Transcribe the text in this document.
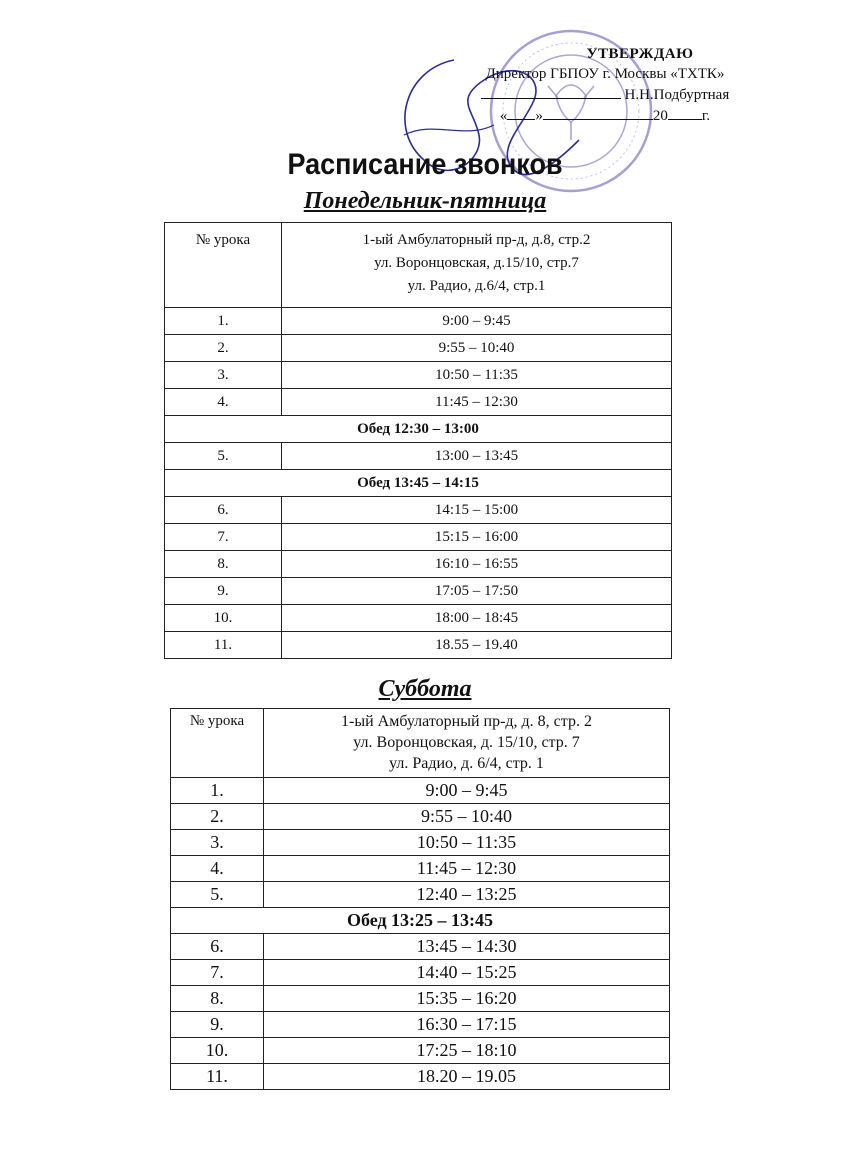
УТВЕРЖДАЮ
Директор ГБПОУ г. Москвы «ТХТК»
Н.Н.Подбуртная
« »	20 г.
Расписание звонков
Понедельник-пятница
№ урока	1-ый Амбулаторный пр-д, д.8, стр.2
ул. Воронцовская, д.15/10, стр.7
ул. Радио, д.6/4, стр.1

1.	9:00 – 9:45
2.	9:55 – 10:40
3.	10:50 – 11:35
4.	11:45 – 12:30
Обед 12:30 – 13:00	
5.	13:00 – 13:45
Обед 13:45 – 14:15	
6.	14:15 – 15:00
7.	15:15 – 16:00
8.	16:10 – 16:55
9.	17:05 – 17:50
10.	18:00 – 18:45
11.	18.55 – 19.40
Суббота
№ урока	1-ый Амбулаторный пр-д, д. 8, стр. 2
ул. Воронцовская, д. 15/10, стр. 7
ул. Радио, д. 6/4, стр. 1

1.	9:00 – 9:45
2.	9:55 – 10:40
3.	10:50 – 11:35
4.	11:45 – 12:30
5.	12:40 – 13:25
Обед 13:25 – 13:45	
6.	13:45 – 14:30
7.	14:40 – 15:25
8.	15:35 – 16:20
9.	16:30 – 17:15
10.	17:25 – 18:10
11.	18.20 – 19.05
